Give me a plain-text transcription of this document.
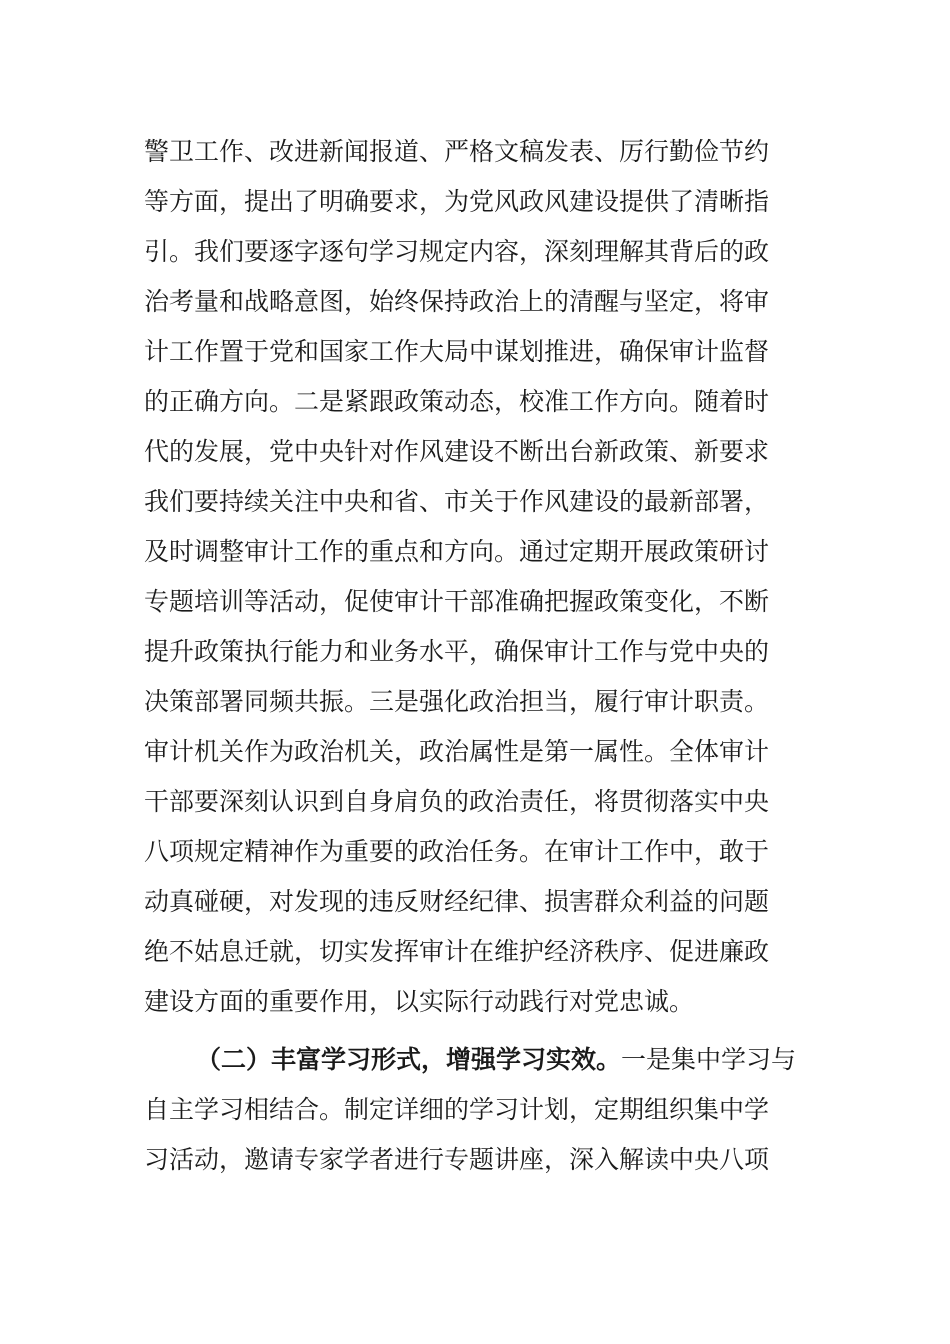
警卫工作、改进新闻报道、严格文稿发表、厉行勤俭节约
等方面，提出了明确要求，为党风政风建设提供了清晰指
引。我们要逐字逐句学习规定内容，深刻理解其背后的政
治考量和战略意图，始终保持政治上的清醒与坚定，将审
计工作置于党和国家工作大局中谋划推进，确保审计监督
的正确方向。二是紧跟政策动态，校准工作方向。随着时
代的发展，党中央针对作风建设不断出台新政策、新要求
我们要持续关注中央和省、市关于作风建设的最新部署，
及时调整审计工作的重点和方向。通过定期开展政策研讨
专题培训等活动，促使审计干部准确把握政策变化，不断
提升政策执行能力和业务水平，确保审计工作与党中央的
决策部署同频共振。三是强化政治担当，履行审计职责。
审计机关作为政治机关，政治属性是第一属性。全体审计
干部要深刻认识到自身肩负的政治责任，将贯彻落实中央
八项规定精神作为重要的政治任务。在审计工作中，敢于
动真碰硬，对发现的违反财经纪律、损害群众利益的问题
绝不姑息迁就，切实发挥审计在维护经济秩序、促进廉政
建设方面的重要作用，以实际行动践行对党忠诚。
（二）丰富学习形式，增强学习实效。一是集中学习与
自主学习相结合。制定详细的学习计划，定期组织集中学
习活动，邀请专家学者进行专题讲座，深入解读中央八项
